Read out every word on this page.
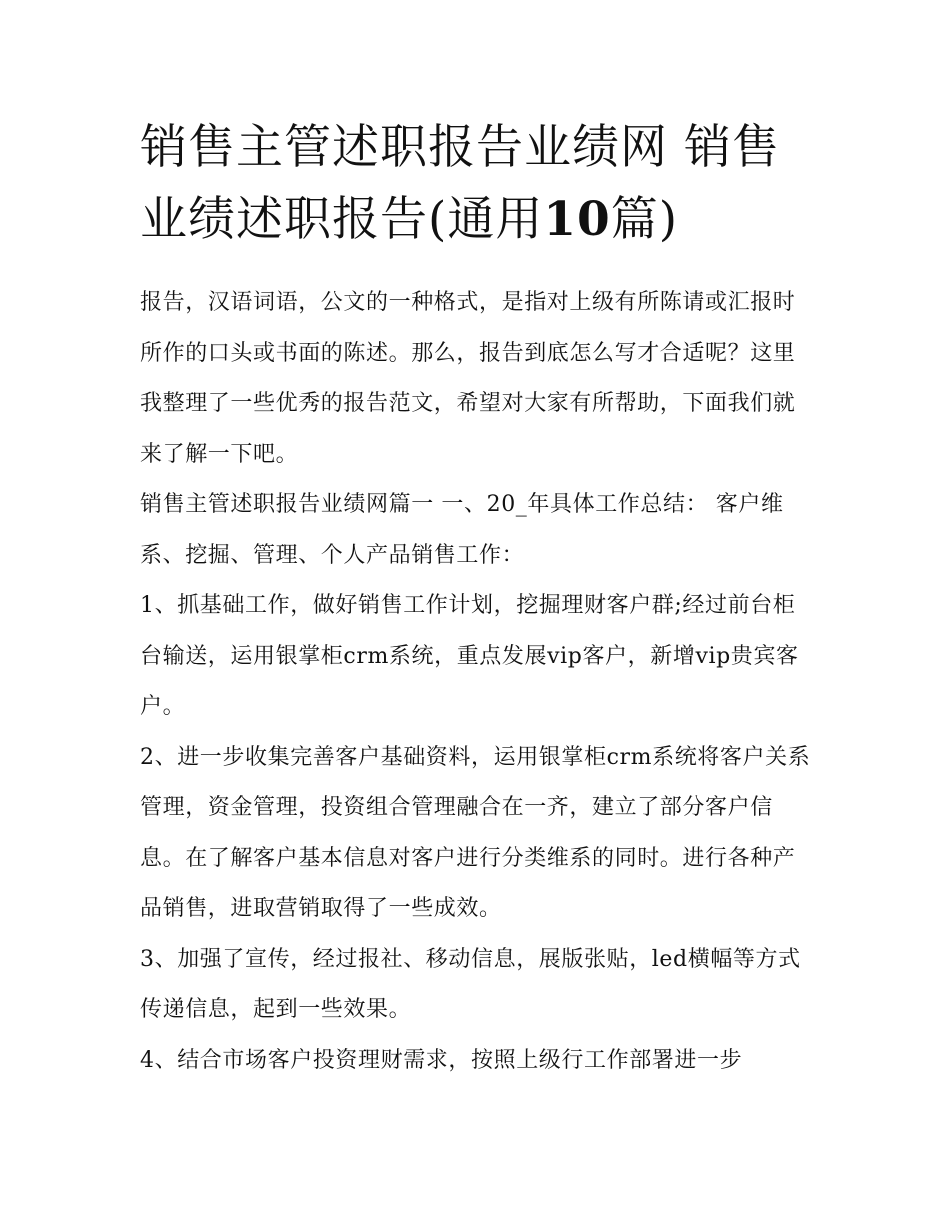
销售主管述职报告业绩网 销售业绩述职报告(通用10篇)

报告，汉语词语，公文的一种格式，是指对上级有所陈请或汇报时所作的口头或书面的陈述。那么，报告到底怎么写才合适呢？这里我整理了一些优秀的报告范文，希望对大家有所帮助，下面我们就来了解一下吧。

销售主管述职报告业绩网篇一 一、20_年具体工作总结： 客户维系、挖掘、管理、个人产品销售工作：

1、抓基础工作，做好销售工作计划，挖掘理财客户群;经过前台柜台输送，运用银掌柜crm系统，重点发展vip客户，新增vip贵宾客户。

2、进一步收集完善客户基础资料，运用银掌柜crm系统将客户关系管理，资金管理，投资组合管理融合在一齐，建立了部分客户信息。在了解客户基本信息对客户进行分类维系的同时。进行各种产品销售，进取营销取得了一些成效。

3、加强了宣传，经过报社、移动信息，展版张贴，led横幅等方式传递信息，起到一些效果。

4、结合市场客户投资理财需求，按照上级行工作部署进一步
